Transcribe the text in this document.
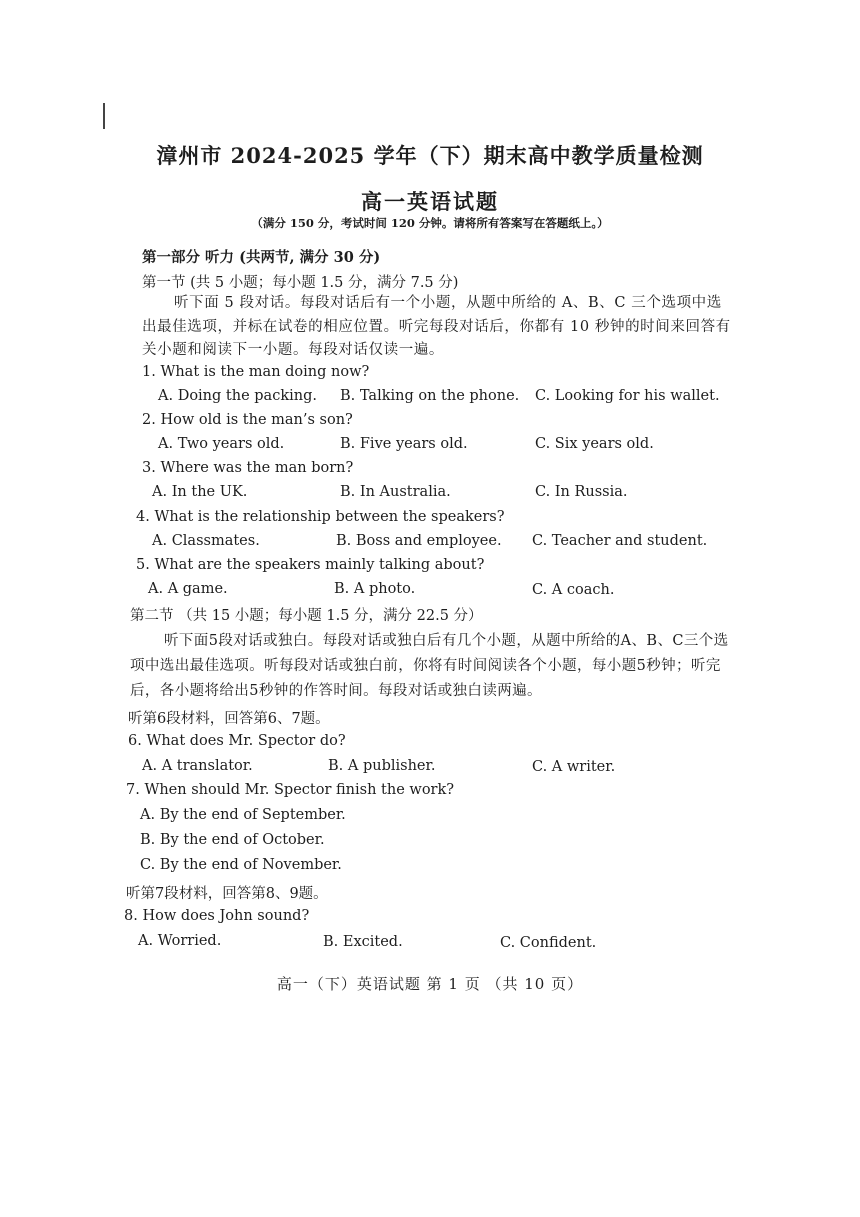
漳州市 2024-2025 学年（下）期末高中教学质量检测
高一英语试题
（满分 150 分，考试时间 120 分钟。请将所有答案写在答题纸上。）
第一部分 听力 (共两节, 满分 30 分)
第一节 (共 5 小题；每小题 1.5 分，满分 7.5 分)
听下面 5 段对话。每段对话后有一个小题，从题中所给的 A、B、C 三个选项中选出最佳选项，并标在试卷的相应位置。听完每段对话后，你都有 10 秒钟的时间来回答有关小题和阅读下一小题。每段对话仅读一遍。
1. What is the man doing now?
A. Doing the packing. B. Talking on the phone. C. Looking for his wallet.
2. How old is the man’s son?
A. Two years old.	B. Five years old.	C. Six years old.
3. Where was the man born?
A. In the UK.	B. In Australia.	C. In Russia.
4. What is the relationship between the speakers?
A. Classmates.	B. Boss and employee. C. Teacher and student.
5. What are the speakers mainly talking about?
A. A game.	B. A photo.	C. A coach.
第二节 （共 15 小题；每小题 1.5 分，满分 22.5 分）
听下面5段对话或独白。每段对话或独白后有几个小题，从题中所给的A、B、C三个选项中选出最佳选项。听每段对话或独白前，你将有时间阅读各个小题，每小题5秒钟；听完后，各小题将给出5秒钟的作答时间。每段对话或独白读两遍。
听第6段材料，回答第6、7题。
6. What does Mr. Spector do?
A. A translator.	B. A publisher.	C. A writer.
7. When should Mr. Spector finish the work?
A. By the end of September.
B. By the end of October.
C. By the end of November.
听第7段材料，回答第8、9题。
8. How does John sound?
A. Worried.	B. Excited.	C. Confident.
高一（下）英语试题 第 1 页 （共 10 页）
